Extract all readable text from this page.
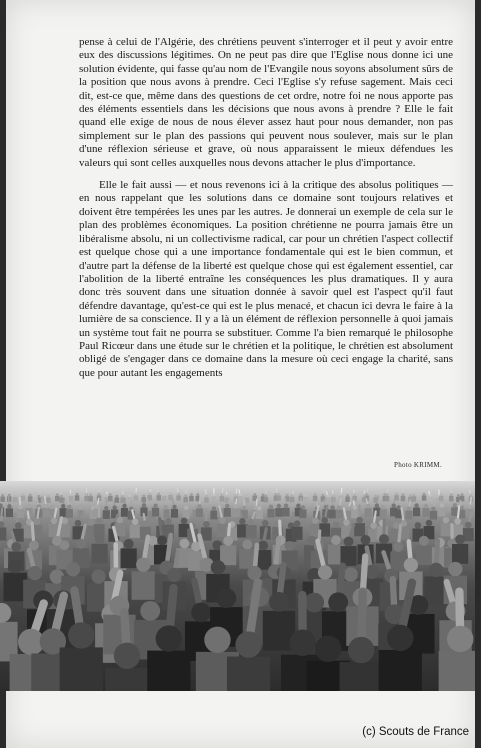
pense à celui de l'Algérie, des chrétiens peuvent s'interroger et il peut y avoir entre eux des discussions légitimes. On ne peut pas dire que l'Eglise nous donne ici une solution évidente, qui fasse qu'au nom de l'Evangile nous soyons absolument sûrs de la position que nous avons à prendre. Ceci l'Eglise s'y refuse sagement. Mais ceci dit, est-ce que, même dans des questions de cet ordre, notre foi ne nous apporte pas des éléments essentiels dans les décisions que nous avons à prendre ? Elle le fait quand elle exige de nous de nous élever assez haut pour nous demander, non pas simplement sur le plan des passions qui peuvent nous soulever, mais sur le plan d'une réflexion sérieuse et grave, où nous apparaissent le mieux défendues les valeurs qui sont celles auxquelles nous devons attacher le plus d'importance.

Elle le fait aussi — et nous revenons ici à la critique des absolus politiques — en nous rappelant que les solutions dans ce domaine sont toujours relatives et doivent être tempérées les unes par les autres. Je donnerai un exemple de cela sur le plan des problèmes économiques. La position chrétienne ne pourra jamais être un libéralisme absolu, ni un collectivisme radical, car pour un chrétien l'aspect collectif est quelque chose qui a une importance fondamentale qui est le bien commun, et d'autre part la défense de la liberté est quelque chose qui est également essentiel, car l'abolition de la liberté entraîne les conséquences les plus dramatiques. Il y aura donc très souvent dans une situation donnée à savoir quel est l'aspect qu'il faut défendre davantage, qu'est-ce qui est le plus menacé, et chacun ici devra le faire à la lumière de sa conscience. Il y a là un élément de réflexion personnelle à quoi jamais un système tout fait ne pourra se substituer. Comme l'a bien remarqué le philosophe Paul Ricœur dans une étude sur le chrétien et la politique, le chrétien est absolument obligé de s'engager dans ce domaine dans la mesure où ceci engage la charité, sans que pour autant les engagements

Photo KRIMM.
(c) Scouts de France
